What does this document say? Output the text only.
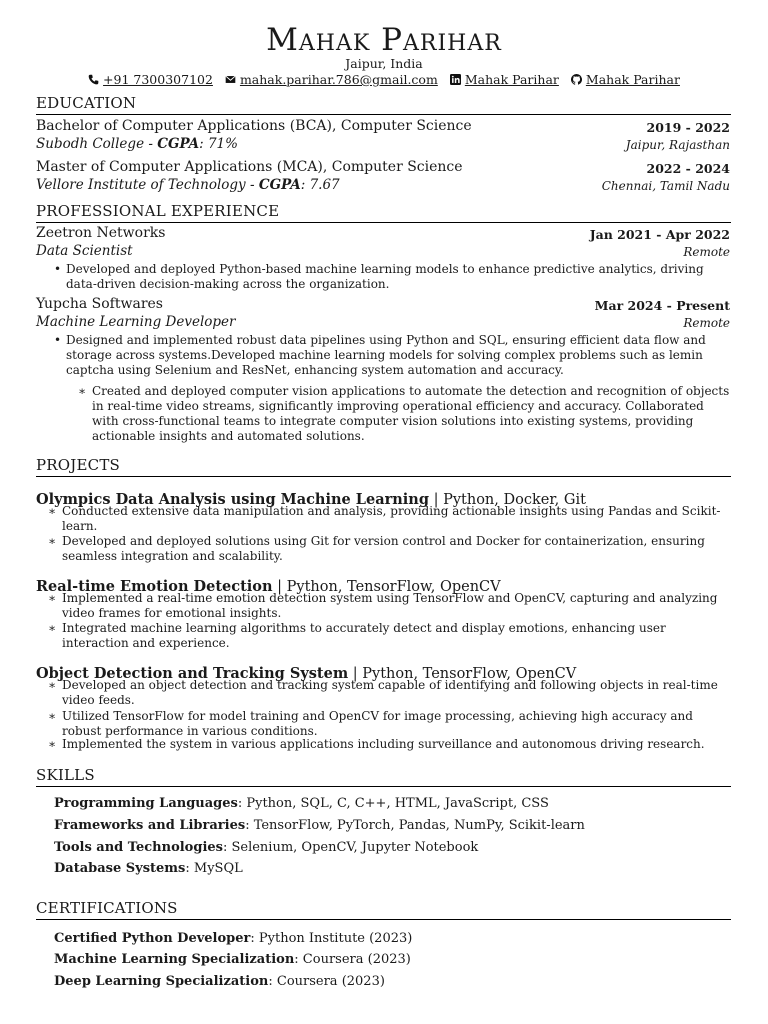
Mahak Parihar
Jaipur, India
+91 7300307102 mahak.parihar.786@gmail.com Mahak Parihar Mahak Parihar
EDUCATION
Bachelor of Computer Applications (BCA), Computer Science	2019 - 2022
Subodh College - CGPA: 71%	Jaipur, Rajasthan
Master of Computer Applications (MCA), Computer Science	2022 - 2024
Vellore Institute of Technology - CGPA: 7.67	Chennai, Tamil Nadu
PROFESSIONAL EXPERIENCE
Zeetron Networks	Jan 2021 - Apr 2022
Data Scientist	Remote
• Developed and deployed Python-based machine learning models to enhance predictive analytics, driving data-driven decision-making across the organization.
Yupcha Softwares	Mar 2024 - Present
Machine Learning Developer	Remote
• Designed and implemented robust data pipelines using Python and SQL, ensuring efficient data flow and storage across systems.Developed machine learning models for solving complex problems such as lemin captcha using Selenium and ResNet, enhancing system automation and accuracy.
∗ Created and deployed computer vision applications to automate the detection and recognition of objects in real-time video streams, significantly improving operational efficiency and accuracy. Collaborated with cross-functional teams to integrate computer vision solutions into existing systems, providing actionable insights and automated solutions.
PROJECTS
Olympics Data Analysis using Machine Learning | Python, Docker, Git
∗ Conducted extensive data manipulation and analysis, providing actionable insights using Pandas and Scikit-learn.
∗ Developed and deployed solutions using Git for version control and Docker for containerization, ensuring seamless integration and scalability.
Real-time Emotion Detection | Python, TensorFlow, OpenCV
∗ Implemented a real-time emotion detection system using TensorFlow and OpenCV, capturing and analyzing video frames for emotional insights.
∗ Integrated machine learning algorithms to accurately detect and display emotions, enhancing user interaction and experience.
Object Detection and Tracking System | Python, TensorFlow, OpenCV
∗ Developed an object detection and tracking system capable of identifying and following objects in real-time video feeds.
∗ Utilized TensorFlow for model training and OpenCV for image processing, achieving high accuracy and robust performance in various conditions.
∗ Implemented the system in various applications including surveillance and autonomous driving research.
SKILLS
Programming Languages: Python, SQL, C, C++, HTML, JavaScript, CSS
Frameworks and Libraries: TensorFlow, PyTorch, Pandas, NumPy, Scikit-learn
Tools and Technologies: Selenium, OpenCV, Jupyter Notebook
Database Systems: MySQL
CERTIFICATIONS
Certified Python Developer: Python Institute (2023)
Machine Learning Specialization: Coursera (2023)
Deep Learning Specialization: Coursera (2023)
